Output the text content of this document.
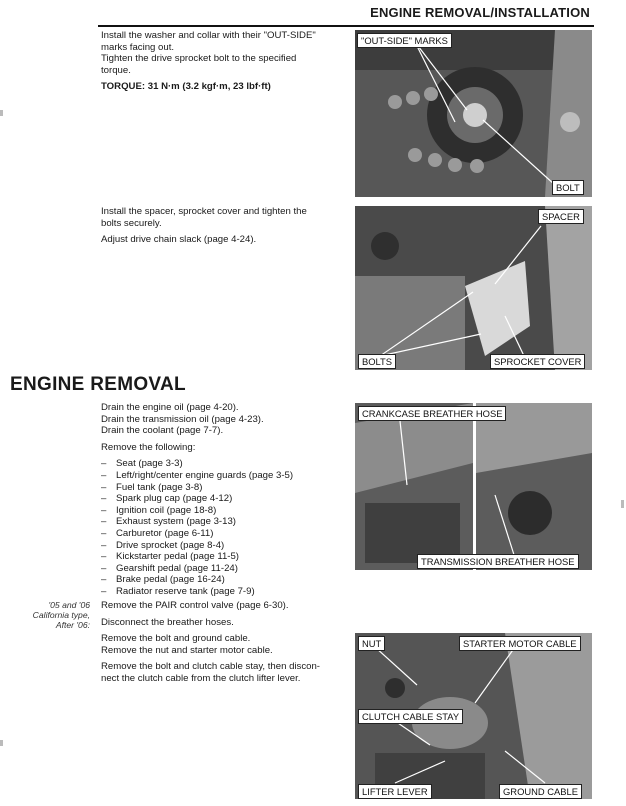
ENGINE REMOVAL/INSTALLATION

Install the washer and collar with their "OUT-SIDE"
marks facing out.
Tighten the drive sprocket bolt to the specified
torque.

TORQUE: 31 N·m (3.2 kgf·m, 23 lbf·ft)

"OUT-SIDE" MARKS
BOLT

Install the spacer, sprocket cover and tighten the
bolts securely.

Adjust drive chain slack (page 4-24).

SPACER
BOLTS	SPROCKET COVER
ENGINE REMOVAL

Drain the engine oil (page 4-20).
Drain the transmission oil (page 4-23).
Drain the coolant (page 7-7).

Remove the following:

– Seat (page 3-3)
– Left/right/center engine guards (page 3-5)
– Fuel tank (page 3-8)
– Spark plug cap (page 4-12)
– Ignition coil (page 18-8)
– Exhaust system (page 3-13)
– Carburetor (page 6-11)
– Drive sprocket (page 8-4)
– Kickstarter pedal (page 11-5)
– Gearshift pedal (page 11-24)
– Brake pedal (page 16-24)
– Radiator reserve tank (page 7-9)
'05 and '06
California type,
After '06:

Remove the PAIR control valve (page 6-30).

Disconnect the breather hoses.

Remove the bolt and ground cable.
Remove the nut and starter motor cable.

Remove the bolt and clutch cable stay, then discon-
nect the clutch cable from the clutch lifter lever.

CRANKCASE BREATHER HOSE
TRANSMISSION BREATHER HOSE
NUT	STARTER MOTOR CABLE
CLUTCH CABLE STAY
LIFTER LEVER	GROUND CABLE
